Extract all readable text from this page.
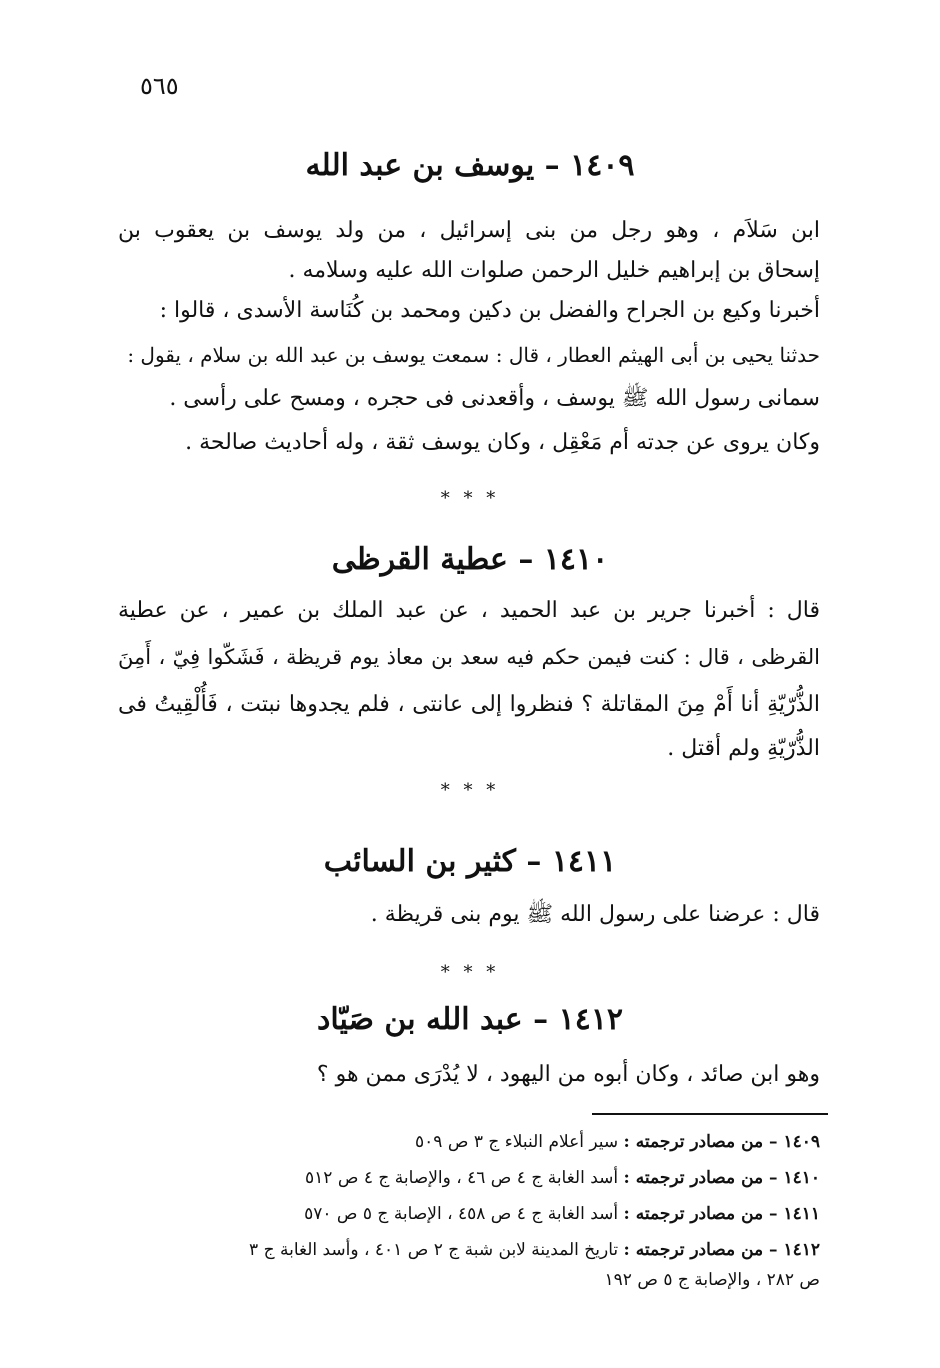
٥٦٥
١٤٠٩ – يوسف بن عبد الله
ابن سَلاَم ، وهو رجل من بنى إسرائيل ، من ولد يوسف بن يعقوب بن
إسحاق بن إبراهيم خليل الرحمن صلوات الله عليه وسلامه .
أخبرنا وكيع بن الجراح والفضل بن دكين ومحمد بن كُنَاسة الأسدى ، قالوا :
حدثنا يحيى بن أبى الهيثم العطار ، قال : سمعت يوسف بن عبد الله بن سلام ، يقول :
سمانى رسول الله ﷺ يوسف ، وأقعدنى فى حجره ، ومسح على رأسى .
وكان يروى عن جدته أم مَعْقِل ، وكان يوسف ثقة ، وله أحاديث صالحة .
* * *
١٤١٠ – عطية القرظى
قال : أخبرنا جرير بن عبد الحميد ، عن عبد الملك بن عمير ، عن عطية
القرظى ، قال : كنت فيمن حكم فيه سعد بن معاذ يوم قريظة ، فَشَكّوا فِيّ ، أَمِنَ
الذُّرّيّةِ أنا أَمْ مِنَ المقاتلة ؟ فنظروا إلى عانتى ، فلم يجدوها نبتت ، فَأُلْقِيتُ فى
الذُّرّيّةِ ولم أقتل .
* * *
١٤١١ – كثير بن السائب
قال : عرضنا على رسول الله ﷺ يوم بنى قريظة .
* * *
١٤١٢ – عبد الله بن صَيّاد
وهو ابن صائد ، وكان أبوه من اليهود ، لا يُدْرَى ممن هو ؟
١٤٠٩ – من مصادر ترجمته : سير أعلام النبلاء ج ٣ ص ٥٠٩
١٤١٠ – من مصادر ترجمته : أسد الغابة ج ٤ ص ٤٦ ، والإصابة ج ٤ ص ٥١٢
١٤١١ – من مصادر ترجمته : أسد الغابة ج ٤ ص ٤٥٨ ، الإصابة ج ٥ ص ٥٧٠
١٤١٢ – من مصادر ترجمته : تاريخ المدينة لابن شبة ج ٢ ص ٤٠١ ، وأسد الغابة ج ٣
ص ٢٨٢ ، والإصابة ج ٥ ص ١٩٢
